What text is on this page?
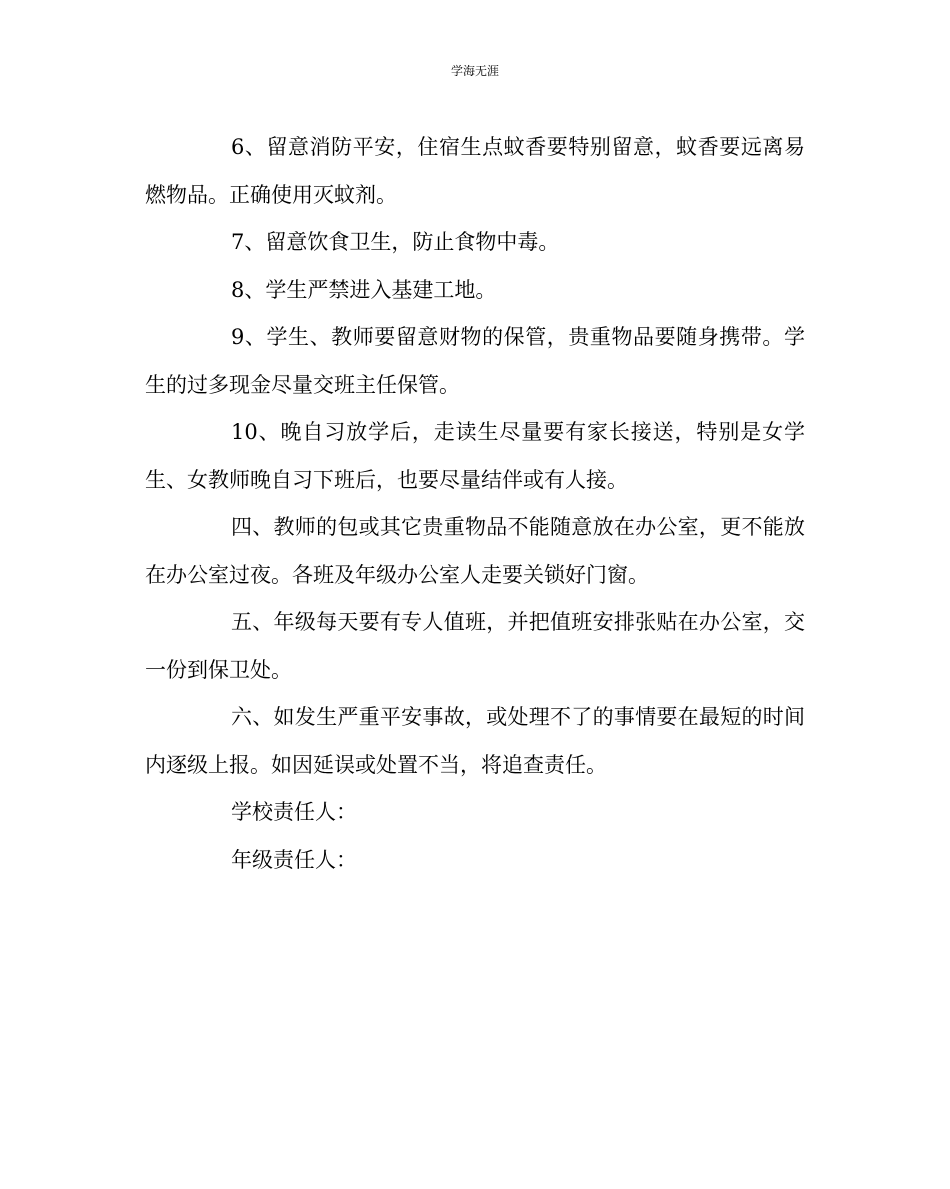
学海无涯

6、留意消防平安，住宿生点蚊香要特别留意，蚊香要远离易燃物品。正确使用灭蚊剂。

7、留意饮食卫生，防止食物中毒。

8、学生严禁进入基建工地。

9、学生、教师要留意财物的保管，贵重物品要随身携带。学生的过多现金尽量交班主任保管。

10、晚自习放学后，走读生尽量要有家长接送，特别是女学生、女教师晚自习下班后，也要尽量结伴或有人接。

四、教师的包或其它贵重物品不能随意放在办公室，更不能放在办公室过夜。各班及年级办公室人走要关锁好门窗。

五、年级每天要有专人值班，并把值班安排张贴在办公室，交一份到保卫处。

六、如发生严重平安事故，或处理不了的事情要在最短的时间内逐级上报。如因延误或处置不当，将追查责任。

学校责任人：

年级责任人：
